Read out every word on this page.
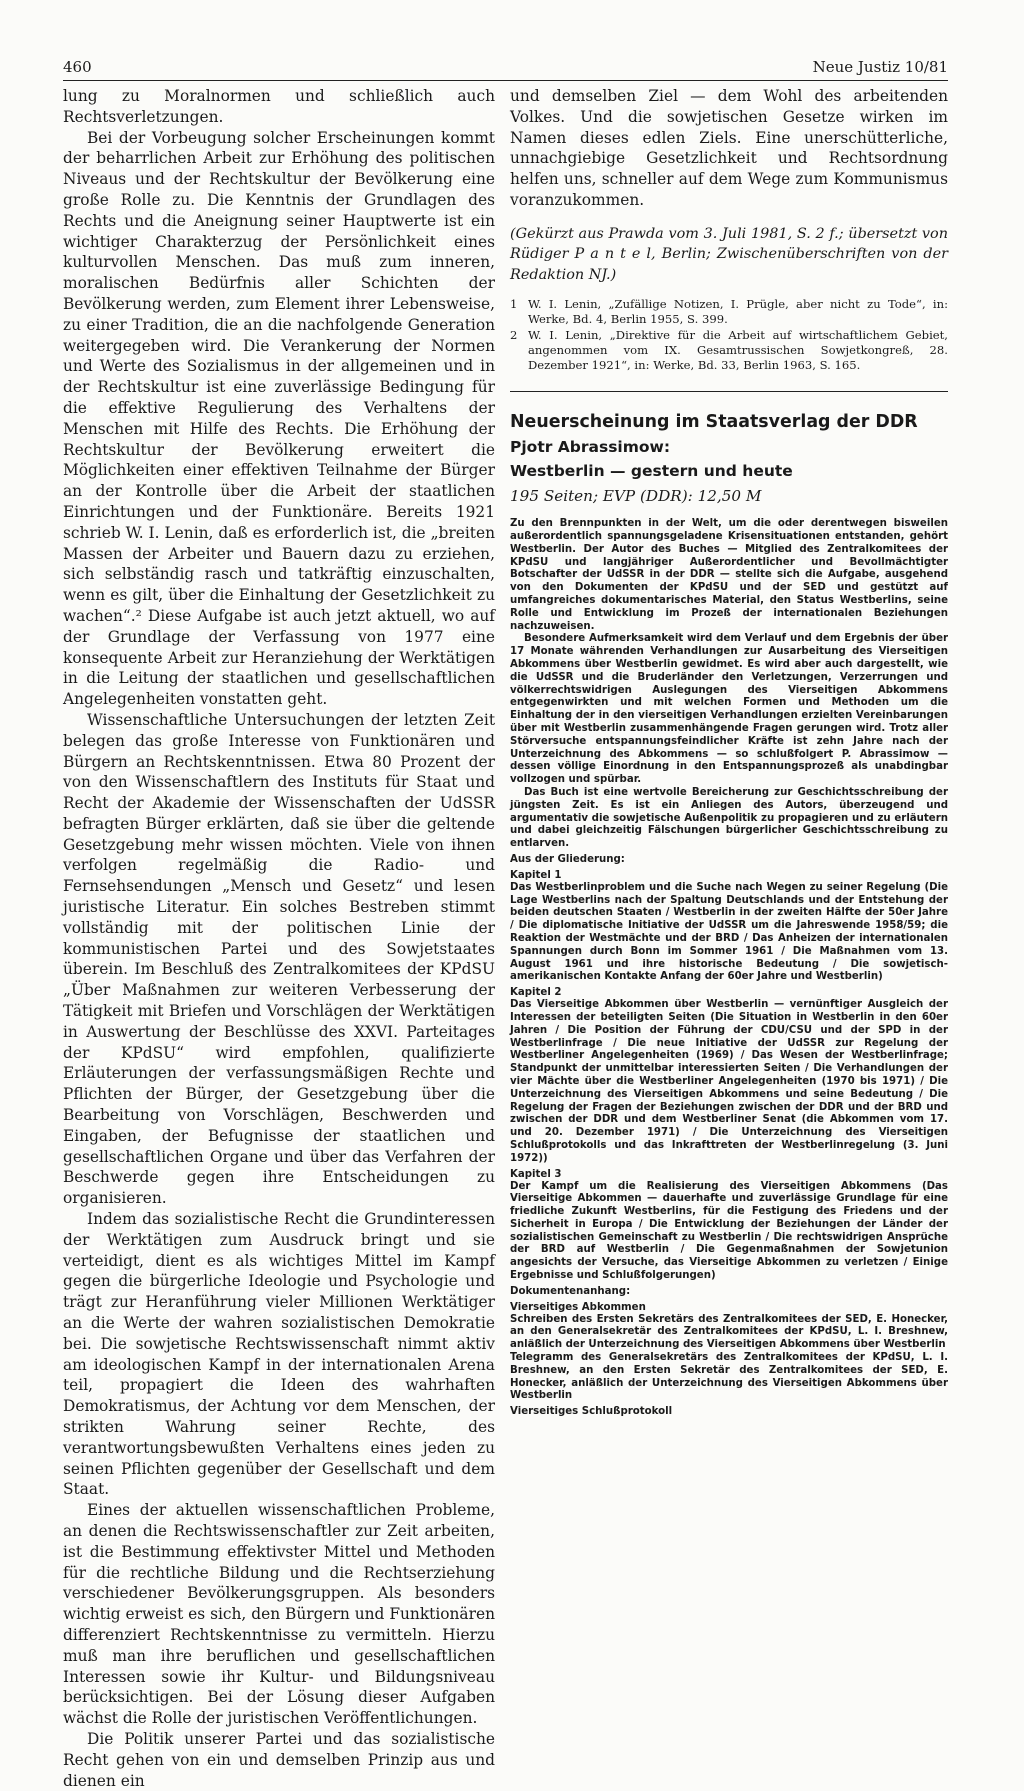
460	Neue Justiz 10/81

lung zu Moralnormen und schließlich auch Rechtsverletzungen.

Bei der Vorbeugung solcher Erscheinungen kommt der beharrlichen Arbeit zur Erhöhung des politischen Niveaus und der Rechtskultur der Bevölkerung eine große Rolle zu. Die Kenntnis der Grundlagen des Rechts und die Aneignung seiner Hauptwerte ist ein wichtiger Charakterzug der Persönlichkeit eines kulturvollen Menschen. Das muß zum inneren, moralischen Bedürfnis aller Schichten der Bevölkerung werden, zum Element ihrer Lebensweise, zu einer Tradition, die an die nachfolgende Generation weitergegeben wird. Die Verankerung der Normen und Werte des Sozialismus in der allgemeinen und in der Rechtskultur ist eine zuverlässige Bedingung für die effektive Regulierung des Verhaltens der Menschen mit Hilfe des Rechts. Die Erhöhung der Rechtskultur der Bevölkerung erweitert die Möglichkeiten einer effektiven Teilnahme der Bürger an der Kontrolle über die Arbeit der staatlichen Einrichtungen und der Funktionäre. Bereits 1921 schrieb W. I. Lenin, daß es erforderlich ist, die „breiten Massen der Arbeiter und Bauern dazu zu erziehen, sich selbständig rasch und tatkräftig einzuschalten, wenn es gilt, über die Einhaltung der Gesetzlichkeit zu wachen“.² Diese Aufgabe ist auch jetzt aktuell, wo auf der Grundlage der Verfassung von 1977 eine konsequente Arbeit zur Heranziehung der Werktätigen in die Leitung der staatlichen und gesellschaftlichen Angelegenheiten vonstatten geht.

Wissenschaftliche Untersuchungen der letzten Zeit belegen das große Interesse von Funktionären und Bürgern an Rechtskenntnissen. Etwa 80 Prozent der von den Wissenschaftlern des Instituts für Staat und Recht der Akademie der Wissenschaften der UdSSR befragten Bürger erklärten, daß sie über die geltende Gesetzgebung mehr wissen möchten. Viele von ihnen verfolgen regelmäßig die Radio- und Fernsehsendungen „Mensch und Gesetz“ und lesen juristische Literatur. Ein solches Bestreben stimmt vollständig mit der politischen Linie der kommunistischen Partei und des Sowjetstaates überein. Im Beschluß des Zentralkomitees der KPdSU „Über Maßnahmen zur weiteren Verbesserung der Tätigkeit mit Briefen und Vorschlägen der Werktätigen in Auswertung der Beschlüsse des XXVI. Parteitages der KPdSU“ wird empfohlen, qualifizierte Erläuterungen der verfassungsmäßigen Rechte und Pflichten der Bürger, der Gesetzgebung über die Bearbeitung von Vorschlägen, Beschwerden und Eingaben, der Befugnisse der staatlichen und gesellschaftlichen Organe und über das Verfahren der Beschwerde gegen ihre Entscheidungen zu organisieren.

Indem das sozialistische Recht die Grundinteressen der Werktätigen zum Ausdruck bringt und sie verteidigt, dient es als wichtiges Mittel im Kampf gegen die bürgerliche Ideologie und Psychologie und trägt zur Heranführung vieler Millionen Werktätiger an die Werte der wahren sozialistischen Demokratie bei. Die sowjetische Rechtswissenschaft nimmt aktiv am ideologischen Kampf in der internationalen Arena teil, propagiert die Ideen des wahrhaften Demokratismus, der Achtung vor dem Menschen, der strikten Wahrung seiner Rechte, des verantwortungsbewußten Verhaltens eines jeden zu seinen Pflichten gegenüber der Gesellschaft und dem Staat.

Eines der aktuellen wissenschaftlichen Probleme, an denen die Rechtswissenschaftler zur Zeit arbeiten, ist die Bestimmung effektivster Mittel und Methoden für die rechtliche Bildung und die Rechtserziehung verschiedener Bevölkerungsgruppen. Als besonders wichtig erweist es sich, den Bürgern und Funktionären differenziert Rechtskenntnisse zu vermitteln. Hierzu muß man ihre beruflichen und gesellschaftlichen Interessen sowie ihr Kultur- und Bildungsniveau berücksichtigen. Bei der Lösung dieser Aufgaben wächst die Rolle der juristischen Veröffentlichungen.

Die Politik unserer Partei und das sozialistische Recht gehen von ein und demselben Prinzip aus und dienen ein

und demselben Ziel — dem Wohl des arbeitenden Volkes. Und die sowjetischen Gesetze wirken im Namen dieses edlen Ziels. Eine unerschütterliche, unnachgiebige Gesetzlichkeit und Rechtsordnung helfen uns, schneller auf dem Wege zum Kommunismus voranzukommen.

(Gekürzt aus Prawda vom 3. Juli 1981, S. 2 f.; übersetzt von Rüdiger P a n t e l, Berlin; Zwischenüberschriften von der Redaktion NJ.)

1 W. I. Lenin, „Zufällige Notizen, I. Prügle, aber nicht zu Tode“, in: Werke, Bd. 4, Berlin 1955, S. 399.
2 W. I. Lenin, „Direktive für die Arbeit auf wirtschaftlichem Gebiet, angenommen vom IX. Gesamtrussischen Sowjetkongreß, 28. Dezember 1921“, in: Werke, Bd. 33, Berlin 1963, S. 165.
Neuerscheinung im Staatsverlag der DDR
Pjotr Abrassimow:
Westberlin — gestern und heute
195 Seiten; EVP (DDR): 12,50 M

Zu den Brennpunkten in der Welt, um die oder derentwegen bisweilen außerordentlich spannungsgeladene Krisensituationen entstanden, gehört Westberlin. Der Autor des Buches — Mitglied des Zentralkomitees der KPdSU und langjähriger Außerordentlicher und Bevollmächtigter Botschafter der UdSSR in der DDR — stellte sich die Aufgabe, ausgehend von den Dokumenten der KPdSU und der SED und gestützt auf umfangreiches dokumentarisches Material, den Status Westberlins, seine Rolle und Entwicklung im Prozeß der internationalen Beziehungen nachzuweisen.

Besondere Aufmerksamkeit wird dem Verlauf und dem Ergebnis der über 17 Monate währenden Verhandlungen zur Ausarbeitung des Vierseitigen Abkommens über Westberlin gewidmet. Es wird aber auch dargestellt, wie die UdSSR und die Bruderländer den Verletzungen, Verzerrungen und völkerrechtswidrigen Auslegungen des Vierseitigen Abkommens entgegenwirkten und mit welchen Formen und Methoden um die Einhaltung der in den vierseitigen Verhandlungen erzielten Vereinbarungen über mit Westberlin zusammenhängende Fragen gerungen wird. Trotz aller Störversuche entspannungsfeindlicher Kräfte ist zehn Jahre nach der Unterzeichnung des Abkommens — so schlußfolgert P. Abrassimow — dessen völlige Einordnung in den Entspannungsprozeß als unabdingbar vollzogen und spürbar.

Das Buch ist eine wertvolle Bereicherung zur Geschichtsschreibung der jüngsten Zeit. Es ist ein Anliegen des Autors, überzeugend und argumentativ die sowjetische Außenpolitik zu propagieren und zu erläutern und dabei gleichzeitig Fälschungen bürgerlicher Geschichtsschreibung zu entlarven.

Aus der Gliederung:
Kapitel 1

Das Westberlinproblem und die Suche nach Wegen zu seiner Regelung (Die Lage Westberlins nach der Spaltung Deutschlands und der Entstehung der beiden deutschen Staaten / Westberlin in der zweiten Hälfte der 50er Jahre / Die diplomatische Initiative der UdSSR um die Jahreswende 1958/59; die Reaktion der Westmächte und der BRD / Das Anheizen der internationalen Spannungen durch Bonn im Sommer 1961 / Die Maßnahmen vom 13. August 1961 und ihre historische Bedeutung / Die sowjetisch-amerikanischen Kontakte Anfang der 60er Jahre und Westberlin)

Kapitel 2

Das Vierseitige Abkommen über Westberlin — vernünftiger Ausgleich der Interessen der beteiligten Seiten (Die Situation in Westberlin in den 60er Jahren / Die Position der Führung der CDU/CSU und der SPD in der Westberlinfrage / Die neue Initiative der UdSSR zur Regelung der Westberliner Angelegenheiten (1969) / Das Wesen der Westberlinfrage; Standpunkt der unmittelbar interessierten Seiten / Die Verhandlungen der vier Mächte über die Westberliner Angelegenheiten (1970 bis 1971) / Die Unterzeichnung des Vierseitigen Abkommens und seine Bedeutung / Die Regelung der Fragen der Beziehungen zwischen der DDR und der BRD und zwischen der DDR und dem Westberliner Senat (die Abkommen vom 17. und 20. Dezember 1971) / Die Unterzeichnung des Vierseitigen Schlußprotokolls und das Inkrafttreten der Westberlinregelung (3. Juni 1972))

Kapitel 3

Der Kampf um die Realisierung des Vierseitigen Abkommens (Das Vierseitige Abkommen — dauerhafte und zuverlässige Grundlage für eine friedliche Zukunft Westberlins, für die Festigung des Friedens und der Sicherheit in Europa / Die Entwicklung der Beziehungen der Länder der sozialistischen Gemeinschaft zu Westberlin / Die rechtswidrigen Ansprüche der BRD auf Westberlin / Die Gegenmaßnahmen der Sowjetunion angesichts der Versuche, das Vierseitige Abkommen zu verletzen / Einige Ergebnisse und Schlußfolgerungen)

Dokumentenanhang:
Vierseitiges Abkommen

Schreiben des Ersten Sekretärs des Zentralkomitees der SED, E. Honecker, an den Generalsekretär des Zentralkomitees der KPdSU, L. I. Breshnew, anläßlich der Unterzeichnung des Vierseitigen Abkommens über Westberlin

Telegramm des Generalsekretärs des Zentralkomitees der KPdSU, L. I. Breshnew, an den Ersten Sekretär des Zentralkomitees der SED, E. Honecker, anläßlich der Unterzeichnung des Vierseitigen Abkommens über Westberlin

Vierseitiges Schlußprotokoll
